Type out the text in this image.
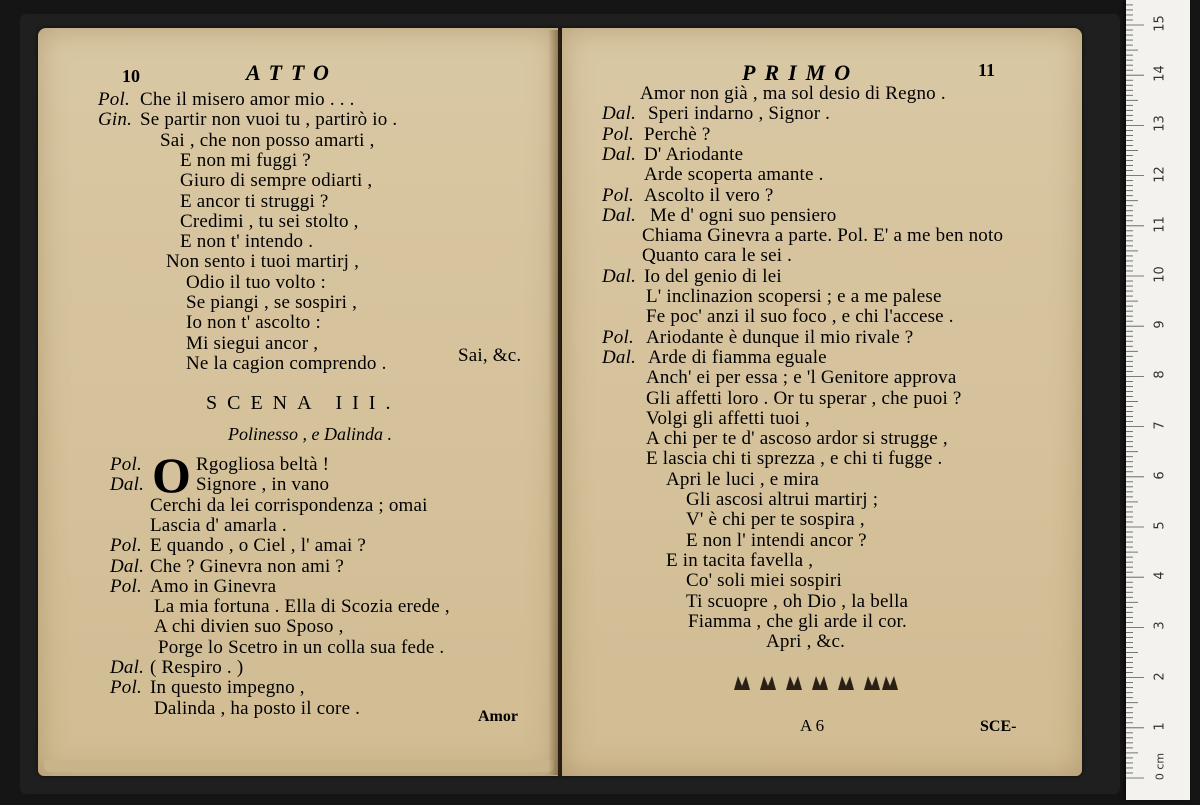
10	ATTO
Pol. Che il misero amor mio . . .
Gin. Se partir non vuoi tu , partirò io .
Sai , che non posso amarti ,
E non mi fuggi ?
Giuro di sempre odiarti ,
E ancor ti struggi ?
Credimi , tu sei stolto ,
E non t' intendo .
Non sento i tuoi martirj ,
Odio il tuo volto :
Se piangi , se sospiri ,
Io non t' ascolto :
Mi siegui ancor ,
Ne la cagion comprendo .	Sai, &c.
SCENA III.
Polinesso , e Dalinda .
O
Pol.	Rgogliosa beltà !
Dal.	Signore , in vano
Cerchi da lei corrispondenza ; omai
Lascia d' amarla .
Pol. E quando , o Ciel , l' amai ?
Dal. Che ? Ginevra non ami ?
Pol. Amo in Ginevra
La mia fortuna . Ella di Scozia erede ,
A chi divien suo Sposo ,
Porge lo Scetro in un colla sua fede .
Dal. ( Respiro . )
Pol. In questo impegno ,
Dalinda , ha posto il core .	Amor
PRIMO	11
Amor non già , ma sol desio di Regno .
Dal. Speri indarno , Signor .
Pol. Perchè ?
Dal. D' Ariodante
Arde scoperta amante .
Pol. Ascolto il vero ?
Dal. Me d' ogni suo pensiero
Chiama Ginevra a parte. Pol. E' a me ben noto
Quanto cara le sei .
Dal. Io del genio di lei
L' inclinazion scopersi ; e a me palese
Fe poc' anzi il suo foco , e chi l'accese .
Pol. Ariodante è dunque il mio rivale ?
Dal. Arde di fiamma eguale
Anch' ei per essa ; e 'l Genitore approva
Gli affetti loro . Or tu sperar , che puoi ?
Volgi gli affetti tuoi ,
A chi per te d' ascoso ardor si strugge ,
E lascia chi ti sprezza , e chi ti fugge .
Apri le luci , e mira
Gli ascosi altrui martirj ;
V' è chi per te sospira ,
E non l' intendi ancor ?
E in tacita favella ,
Co' soli miei sospiri
Ti scuopre , oh Dio , la bella
Fiamma , che gli arde il cor.
Apri , &c.
A 6	SCE-	1
2
3
4
5
6
7
8
9
10
11
12
13
14
15
0 cm
